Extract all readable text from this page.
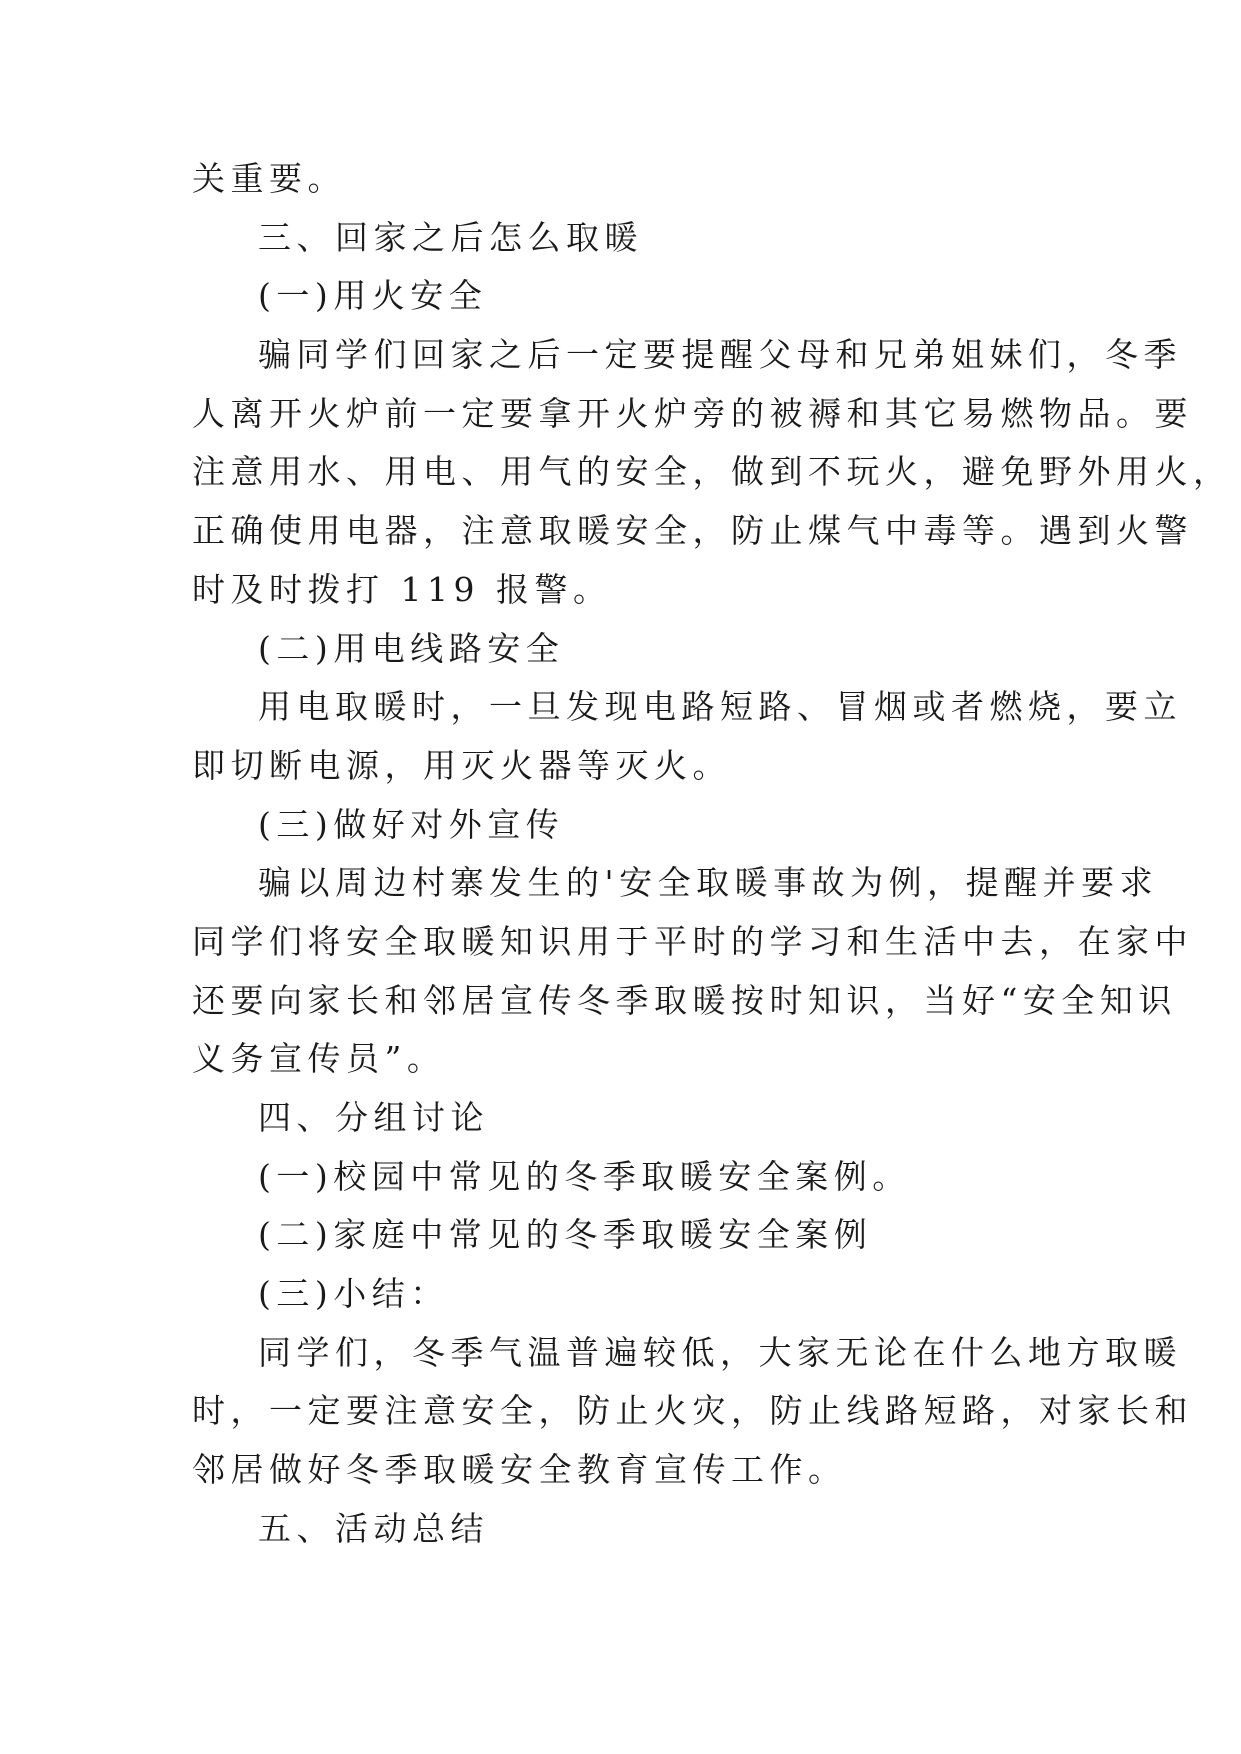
关重要。
三、回家之后怎么取暖
(一)用火安全
骗同学们回家之后一定要提醒父母和兄弟姐妹们，冬季
人离开火炉前一定要拿开火炉旁的被褥和其它易燃物品。要
注意用水、用电、用气的安全，做到不玩火，避免野外用火，
正确使用电器，注意取暖安全，防止煤气中毒等。遇到火警
时及时拨打 119 报警。
(二)用电线路安全
用电取暖时，一旦发现电路短路、冒烟或者燃烧，要立
即切断电源，用灭火器等灭火。
(三)做好对外宣传
骗以周边村寨发生的'安全取暖事故为例，提醒并要求
同学们将安全取暖知识用于平时的学习和生活中去，在家中
还要向家长和邻居宣传冬季取暖按时知识，当好“安全知识
义务宣传员”。
四、分组讨论
(一)校园中常见的冬季取暖安全案例。
(二)家庭中常见的冬季取暖安全案例
(三)小结：
同学们，冬季气温普遍较低，大家无论在什么地方取暖
时，一定要注意安全，防止火灾，防止线路短路，对家长和
邻居做好冬季取暖安全教育宣传工作。
五、活动总结
